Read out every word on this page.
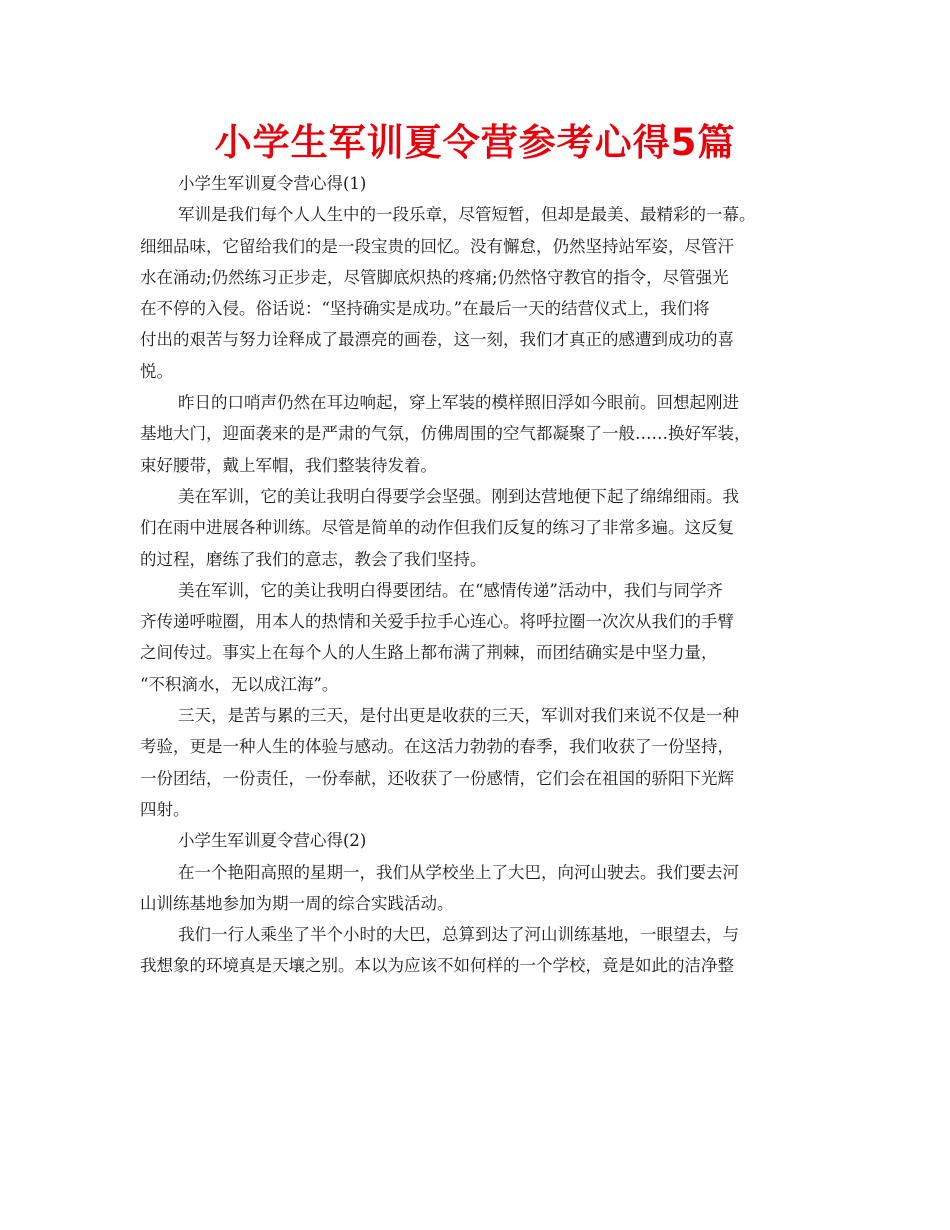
小学生军训夏令营参考心得5篇
小学生军训夏令营心得(1)
军训是我们每个人人生中的一段乐章，尽管短暂，但却是最美、最精彩的一幕。
细细品味，它留给我们的是一段宝贵的回忆。没有懈怠，仍然坚持站军姿，尽管汗
水在涌动;仍然练习正步走，尽管脚底炽热的疼痛;仍然恪守教官的指令，尽管强光
在不停的入侵。俗话说：“坚持确实是成功。”在最后一天的结营仪式上，我们将
付出的艰苦与努力诠释成了最漂亮的画卷，这一刻，我们才真正的感遭到成功的喜
悦。
昨日的口哨声仍然在耳边响起，穿上军装的模样照旧浮如今眼前。回想起刚进
基地大门，迎面袭来的是严肃的气氛，仿佛周围的空气都凝聚了一般……换好军装，
束好腰带，戴上军帽，我们整装待发着。
美在军训，它的美让我明白得要学会坚强。刚到达营地便下起了绵绵细雨。我
们在雨中进展各种训练。尽管是简单的动作但我们反复的练习了非常多遍。这反复
的过程，磨练了我们的意志，教会了我们坚持。
美在军训，它的美让我明白得要团结。在“感情传递”活动中，我们与同学齐
齐传递呼啦圈，用本人的热情和关爱手拉手心连心。将呼拉圈一次次从我们的手臂
之间传过。事实上在每个人的人生路上都布满了荆棘，而团结确实是中坚力量，
“不积滴水，无以成江海”。
三天，是苦与累的三天，是付出更是收获的三天，军训对我们来说不仅是一种
考验，更是一种人生的体验与感动。在这活力勃勃的春季，我们收获了一份坚持，
一份团结，一份责任，一份奉献，还收获了一份感情，它们会在祖国的骄阳下光辉
四射。
小学生军训夏令营心得(2)
在一个艳阳高照的星期一，我们从学校坐上了大巴，向河山驶去。我们要去河
山训练基地参加为期一周的综合实践活动。
我们一行人乘坐了半个小时的大巴，总算到达了河山训练基地，一眼望去，与
我想象的环境真是天壤之别。本以为应该不如何样的一个学校，竟是如此的洁净整
